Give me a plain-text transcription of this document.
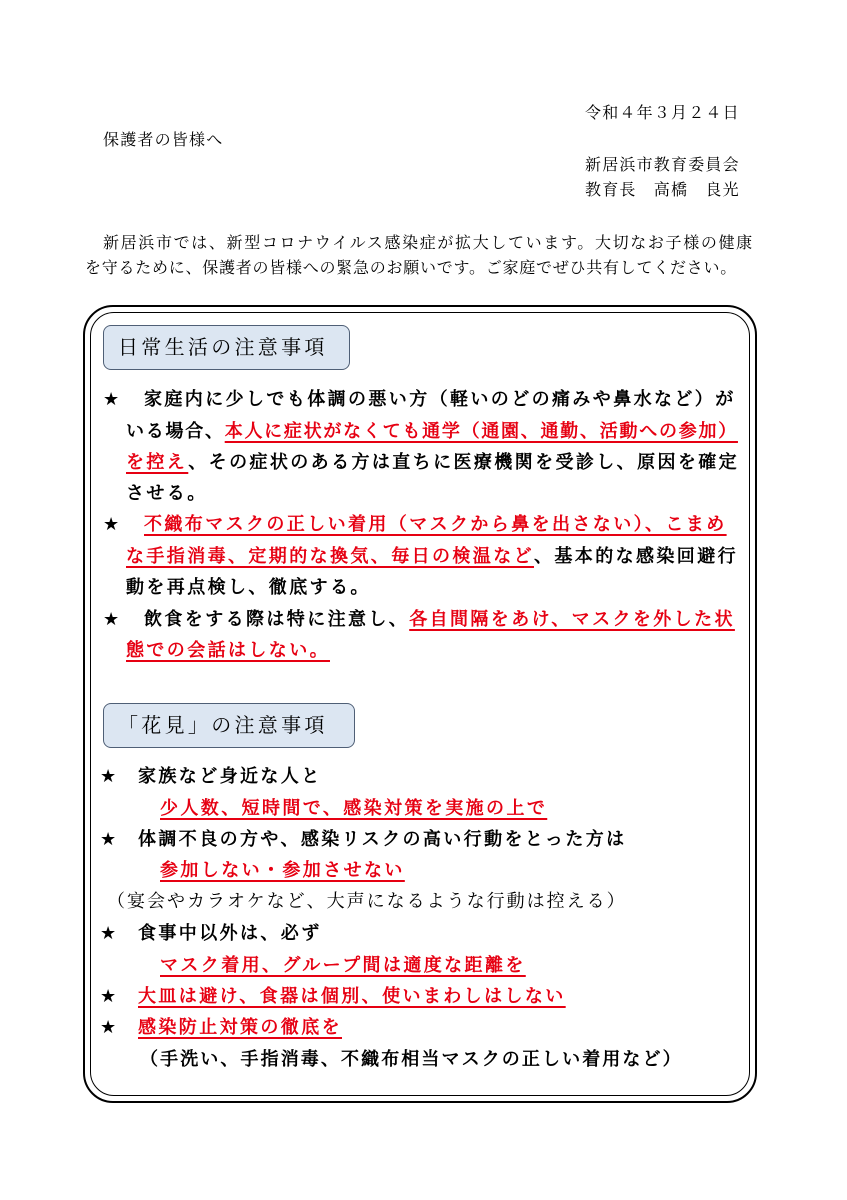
令和４年３月２４日
保護者の皆様へ
新居浜市教育委員会
教育長　高橋　良光
新居浜市では、新型コロナウイルス感染症が拡大しています。大切なお子様の健康
を守るために、保護者の皆様への緊急のお願いです。ご家庭でぜひ共有してください。
日常生活の注意事項
★ 家庭内に少しでも体調の悪い方（軽いのどの痛みや鼻水など）が
いる場合、本人に症状がなくても通学（通園、通勤、活動への参加）
を控え、その症状のある方は直ちに医療機関を受診し、原因を確定
させる。
★ 不織布マスクの正しい着用（マスクから鼻を出さない）、こまめ
な手指消毒、定期的な換気、毎日の検温など、基本的な感染回避行
動を再点検し、徹底する。
★ 飲食をする際は特に注意し、各自間隔をあけ、マスクを外した状
態での会話はしない。
「花見」の注意事項
★ 家族など身近な人と
少人数、短時間で、感染対策を実施の上で
★ 体調不良の方や、感染リスクの高い行動をとった方は
参加しない・参加させない
（宴会やカラオケなど、大声になるような行動は控える）
★ 食事中以外は、必ず
マスク着用、グループ間は適度な距離を
★ 大皿は避け、食器は個別、使いまわしはしない
★ 感染防止対策の徹底を
（手洗い、手指消毒、不織布相当マスクの正しい着用など）
